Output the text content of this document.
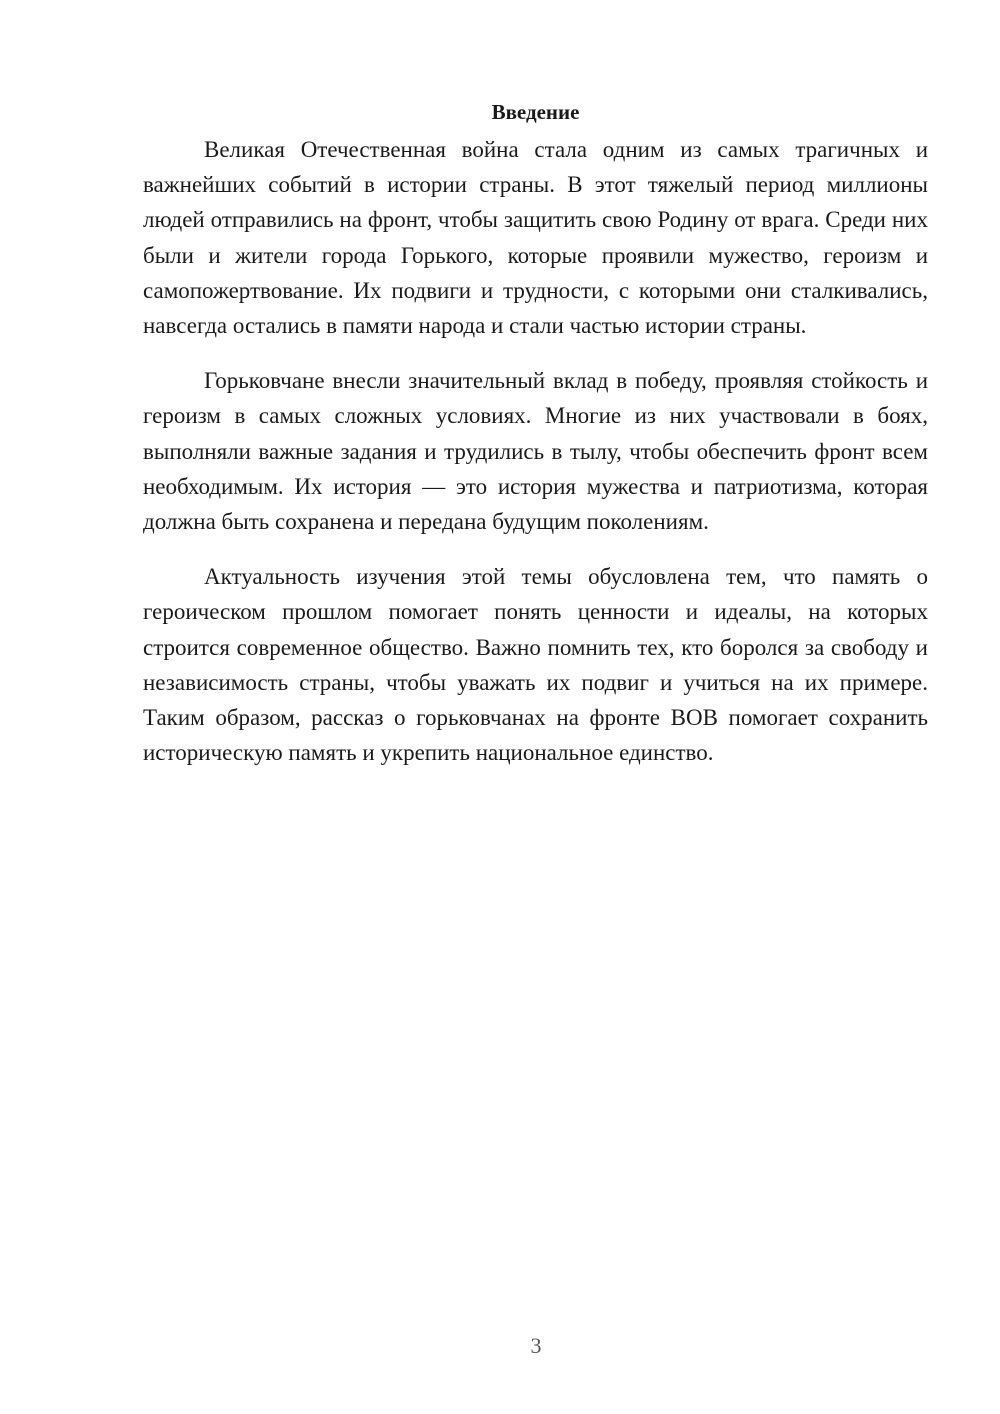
Введение

Великая Отечественная война стала одним из самых трагичных и важнейших событий в истории страны. В этот тяжелый период миллионы людей отправились на фронт, чтобы защитить свою Родину от врага. Среди них были и жители города Горького, которые проявили мужество, героизм и самопожертвование. Их подвиги и трудности, с которыми они сталкивались, навсегда остались в памяти народа и стали частью истории страны.

Горьковчане внесли значительный вклад в победу, проявляя стойкость и героизм в самых сложных условиях. Многие из них участвовали в боях, выполняли важные задания и трудились в тылу, чтобы обеспечить фронт всем необходимым. Их история — это история мужества и патриотизма, которая должна быть сохранена и передана будущим поколениям.

Актуальность изучения этой темы обусловлена тем, что память о героическом прошлом помогает понять ценности и идеалы, на которых строится современное общество. Важно помнить тех, кто боролся за свободу и независимость страны, чтобы уважать их подвиг и учиться на их примере. Таким образом, рассказ о горьковчанах на фронте ВОВ помогает сохранить историческую память и укрепить национальное единство.

3
